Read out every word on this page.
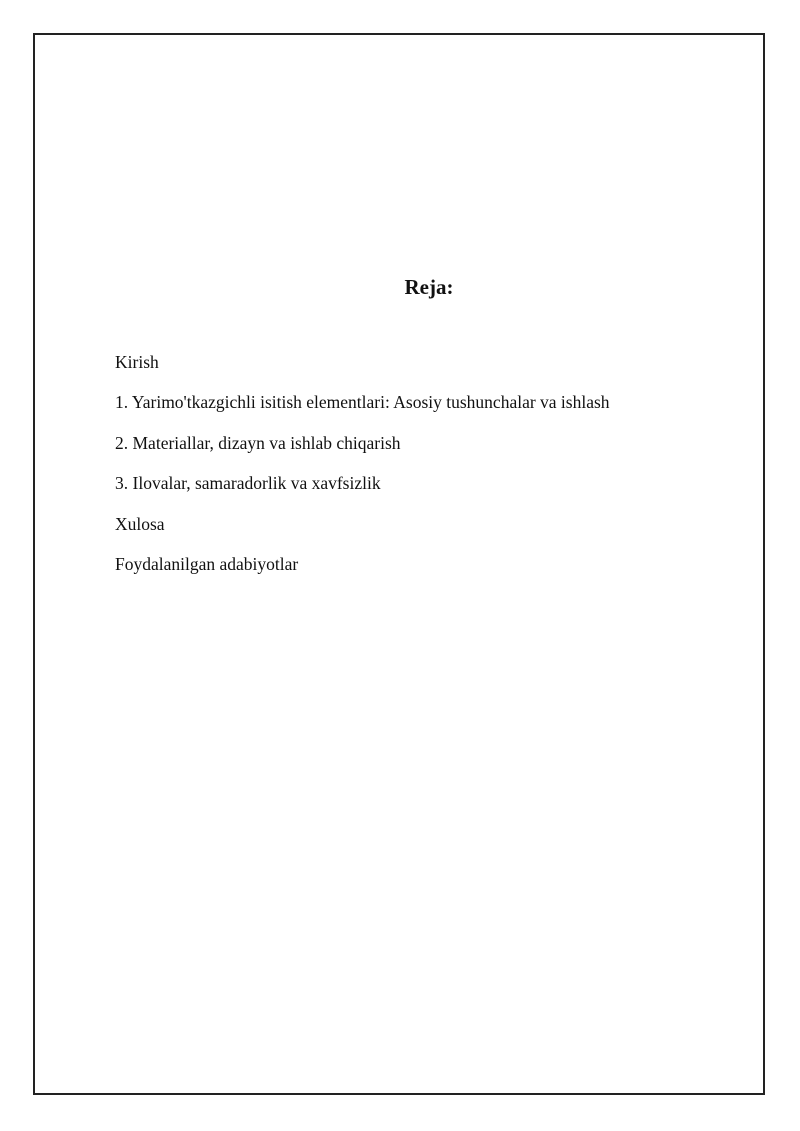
Reja:
Kirish
1. Yarimo'tkazgichli isitish elementlari: Asosiy tushunchalar va ishlash
2. Materiallar, dizayn va ishlab chiqarish
3. Ilovalar, samaradorlik va xavfsizlik
Xulosa
Foydalanilgan adabiyotlar
